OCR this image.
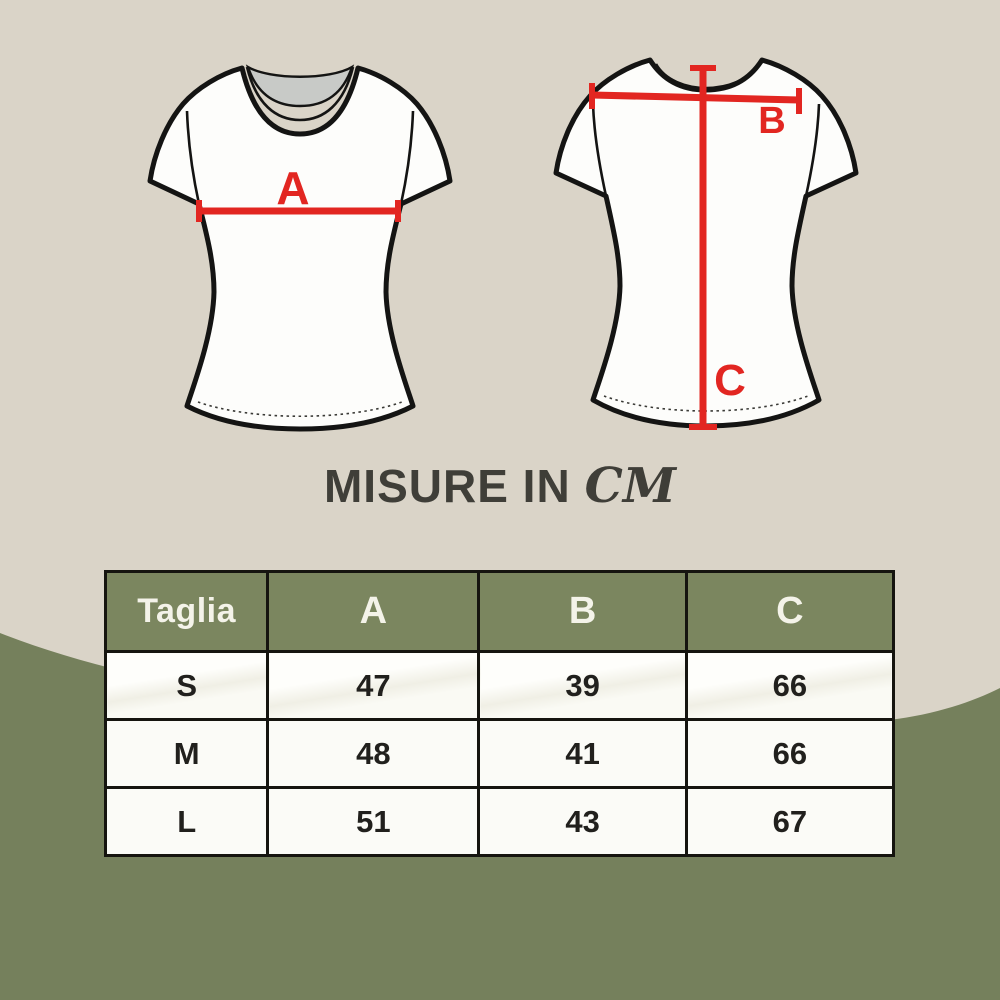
A
B
C
MISURE IN CM
Taglia	A	B	C
S	47	39	66
M	48	41	66
L	51	43	67
